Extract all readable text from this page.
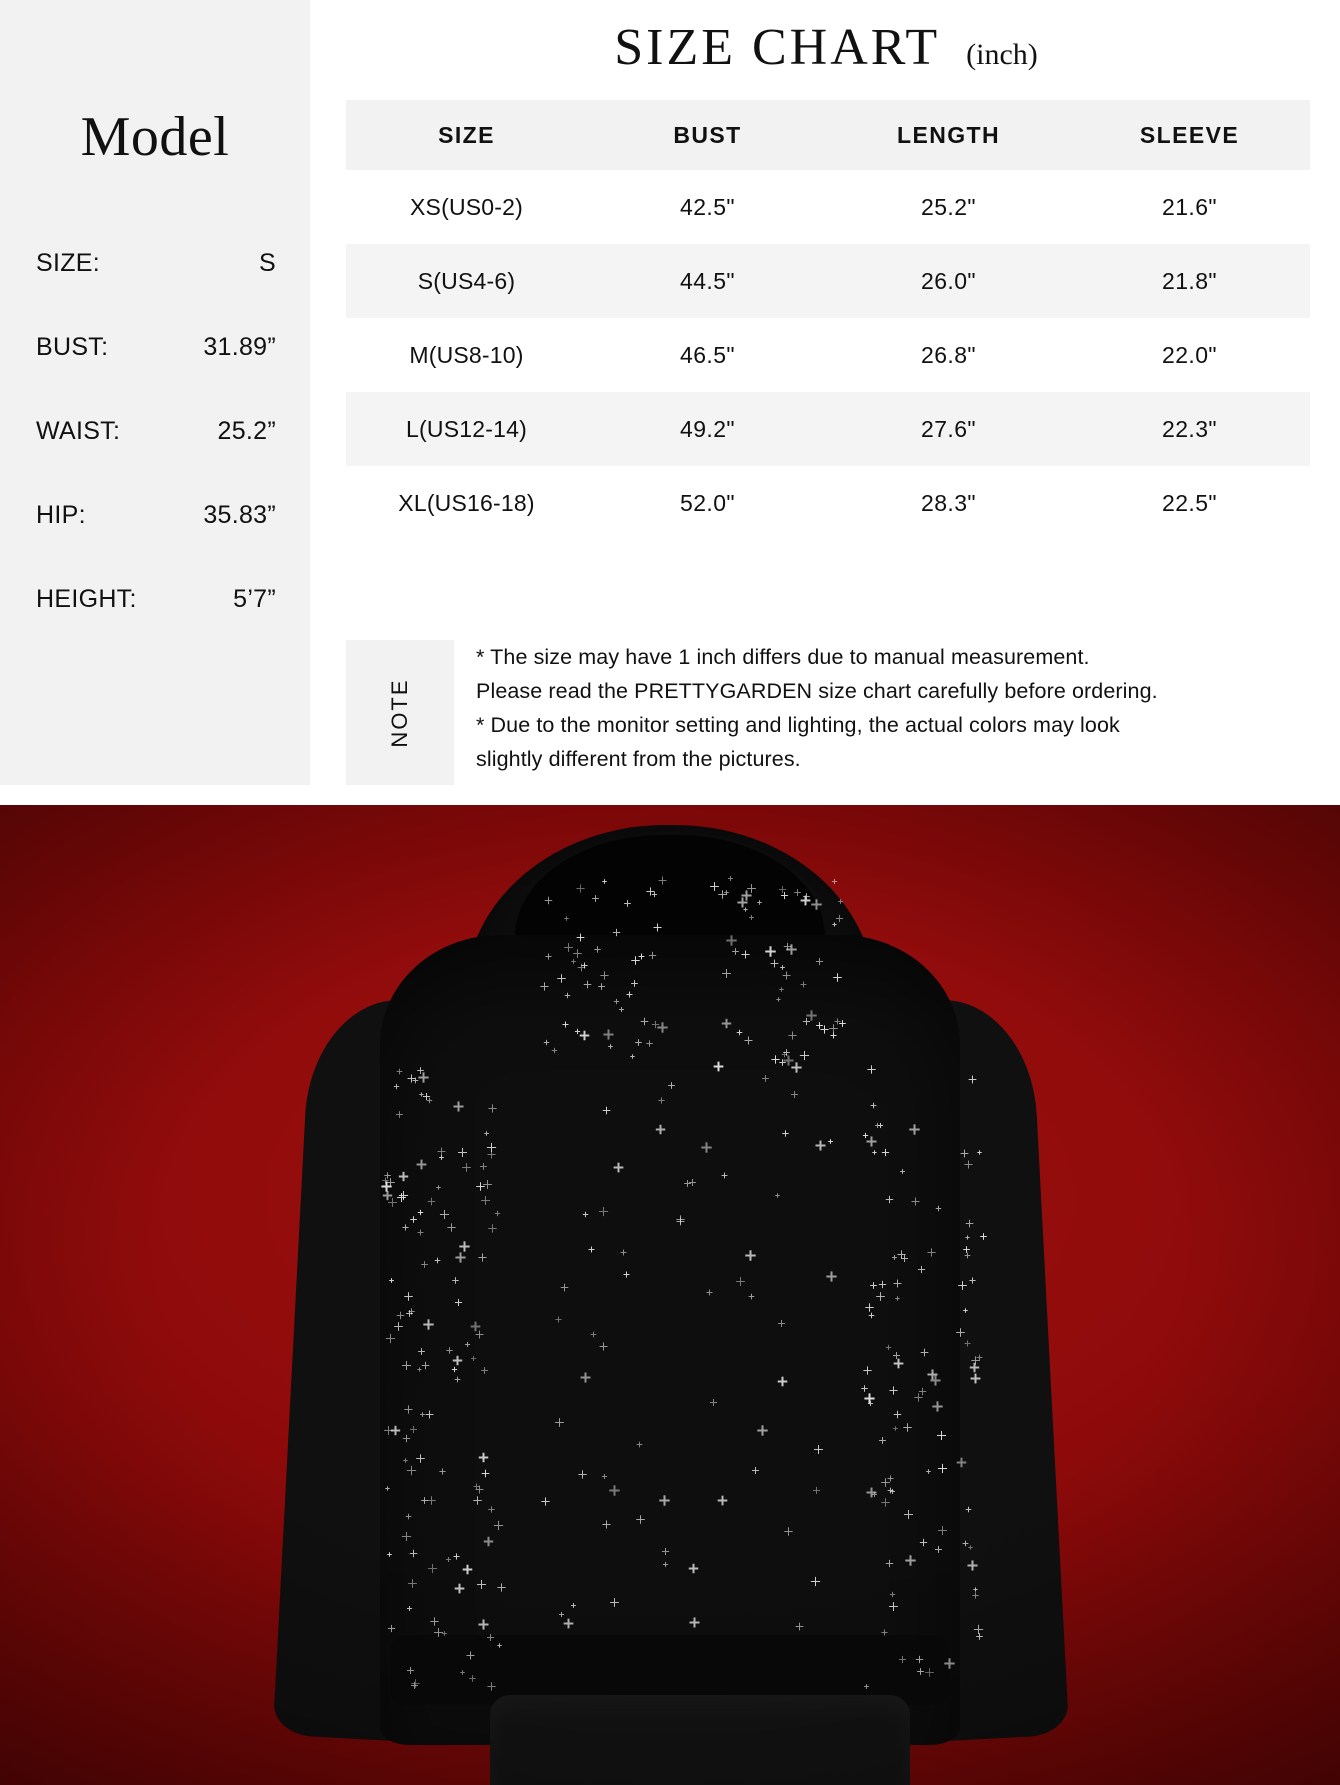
Model
SIZE:	S
BUST:	31.89”
WAIST:	25.2”
HIP:	35.83”
HEIGHT:	5’7”
SIZE CHART (inch)
SIZE	BUST	LENGTH	SLEEVE
XS(US0-2)	42.5"	25.2"	21.6"
S(US4-6)	44.5"	26.0"	21.8"
M(US8-10)	46.5"	26.8"	22.0"
L(US12-14)	49.2"	27.6"	22.3"
XL(US16-18)	52.0"	28.3"	22.5"
NOTE

* The size may have 1 inch differs due to manual measurement.

Please read the PRETTYGARDEN size chart carefully before ordering.

* Due to the monitor setting and lighting, the actual colors may look

slightly different from the pictures.
